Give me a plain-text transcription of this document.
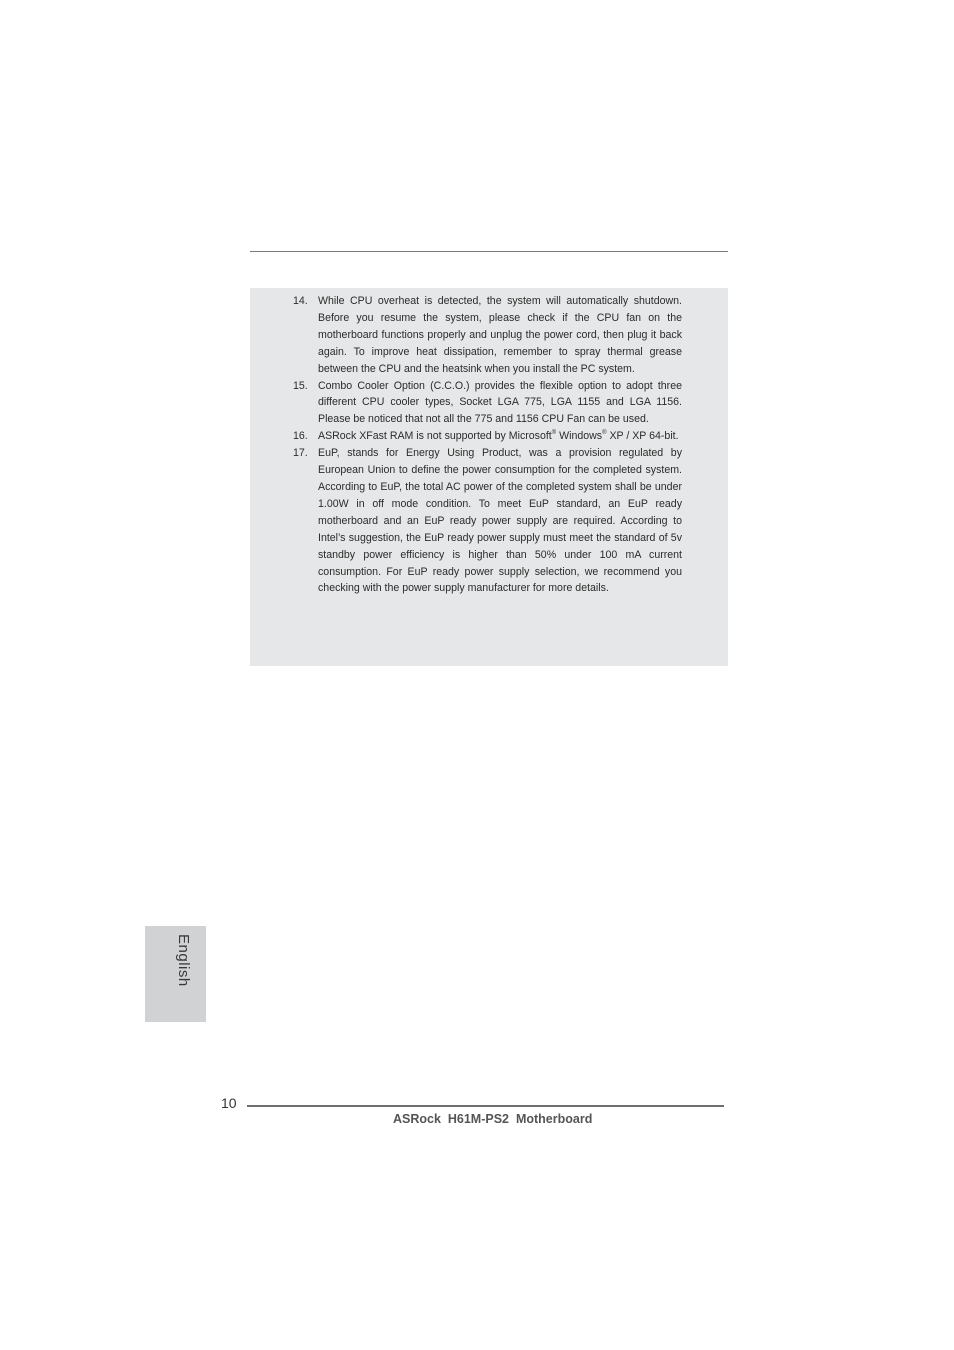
14. While CPU overheat is detected, the system will automatically shutdown. Before you resume the system, please check if the CPU fan on the motherboard functions properly and unplug the power cord, then plug it back again. To improve heat dissipation, remember to spray thermal grease between the CPU and the heatsink when you install the PC system.
15. Combo Cooler Option (C.C.O.) provides the flexible option to adopt three different CPU cooler types, Socket LGA 775, LGA 1155 and LGA 1156. Please be noticed that not all the 775 and 1156 CPU Fan can be used.
16. ASRock XFast RAM is not supported by Microsoft® Windows® XP / XP 64-bit.
17. EuP, stands for Energy Using Product, was a provision regulated by European Union to define the power consumption for the completed system. According to EuP, the total AC power of the completed system shall be under 1.00W in off mode condition. To meet EuP standard, an EuP ready motherboard and an EuP ready power supply are required. According to Intel’s suggestion, the EuP ready power supply must meet the standard of 5v standby power efficiency is higher than 50% under 100 mA current consumption. For EuP ready power supply selection, we recommend you checking with the power supply manufacturer for more details.
English
10
ASRock  H61M-PS2  Motherboard
